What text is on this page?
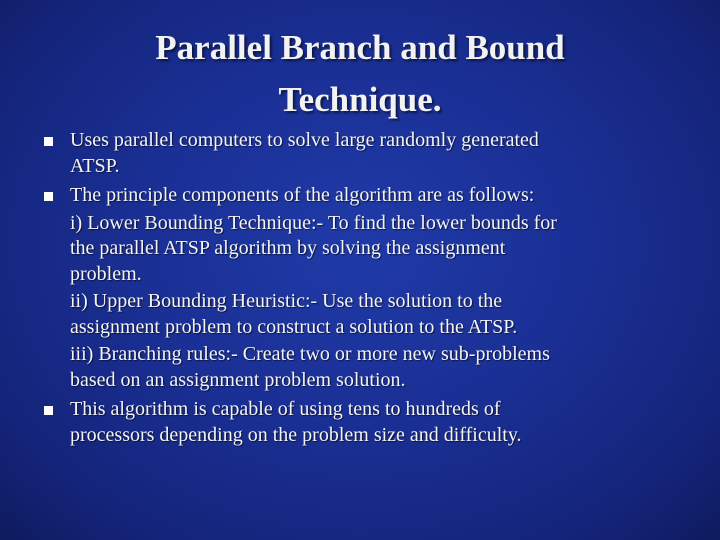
Parallel Branch and Bound
Technique.
Uses parallel computers to solve large randomly generated
ATSP.
The principle components of the algorithm are as follows:
i) Lower Bounding Technique:- To find the lower bounds for
the parallel ATSP algorithm by solving the assignment
problem.
ii) Upper Bounding Heuristic:- Use the solution to the
assignment problem to construct a solution to the ATSP.
iii) Branching rules:- Create two or more new sub-problems
based on an assignment problem solution.
This algorithm is capable of using tens to hundreds of
processors depending on the problem size and difficulty.
